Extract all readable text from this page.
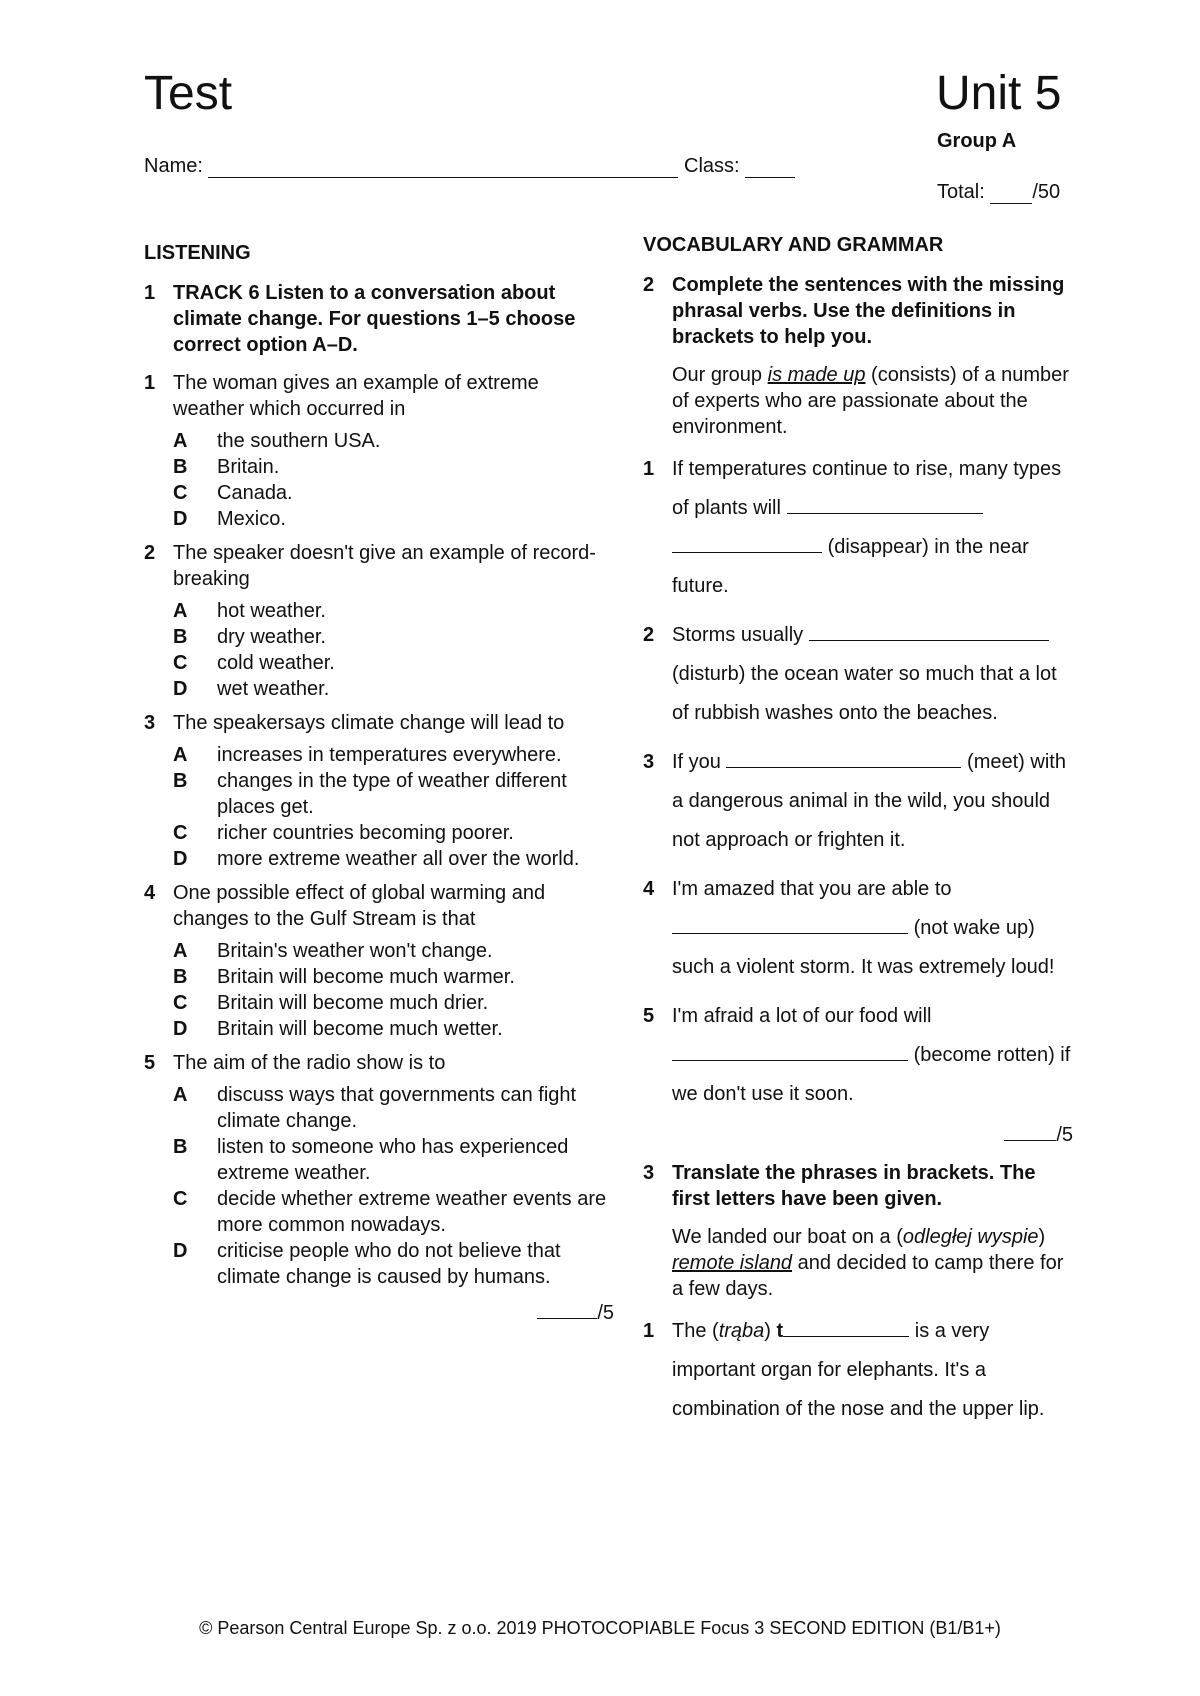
Test	Unit 5
Group A
Name:	Class:
Total: /50
LISTENING
1 TRACK 6 Listen to a conversation about climate change. For questions 1–5 choose correct option A–D.
1 The woman gives an example of extreme weather which occurred in
A	the southern USA.
B	Britain.
C	Canada.
D	Mexico.
2 The speaker doesn't give an example of record-breaking
A	hot weather.
B	dry weather.
C	cold weather.
D	wet weather.
3 The speakersays climate change will lead to
A	increases in temperatures everywhere.
B	changes in the type of weather different places get.
C	richer countries becoming poorer.
D	more extreme weather all over the world.
4 One possible effect of global warming and changes to the Gulf Stream is that
A	Britain's weather won't change.
B	Britain will become much warmer.
C	Britain will become much drier.
D	Britain will become much wetter.
5 The aim of the radio show is to
A	discuss ways that governments can fight climate change.
B	listen to someone who has experienced extreme weather.
C	decide whether extreme weather events are more common nowadays.
D	criticise people who do not believe that climate change is caused by humans.
/5
VOCABULARY AND GRAMMAR
2 Complete the sentences with the missing phrasal verbs. Use the definitions in brackets to help you.
Our group is made up (consists) of a number of experts who are passionate about the environment.
1 If temperatures continue to rise, many types of plants will   (disappear) in the near future.
2 Storms usually  (disturb) the ocean water so much that a lot of rubbish washes onto the beaches.
3 If you	(meet) with a dangerous animal in the wild, you should not approach or frighten it.
4 I'm amazed that you are able to  (not wake up) such a violent storm. It was extremely loud!
5 I'm afraid a lot of our food will  (become rotten) if we don't use it soon.
/5
3 Translate the phrases in brackets. The first letters have been given.
We landed our boat on a (odległej wyspie) remote island and decided to camp there for a few days.
1 The (trąba) t	is a very important organ for elephants. It's a combination of the nose and the upper lip.
© Pearson Central Europe Sp. z o.o. 2019 PHOTOCOPIABLE Focus 3 SECOND EDITION (B1/B1+)
